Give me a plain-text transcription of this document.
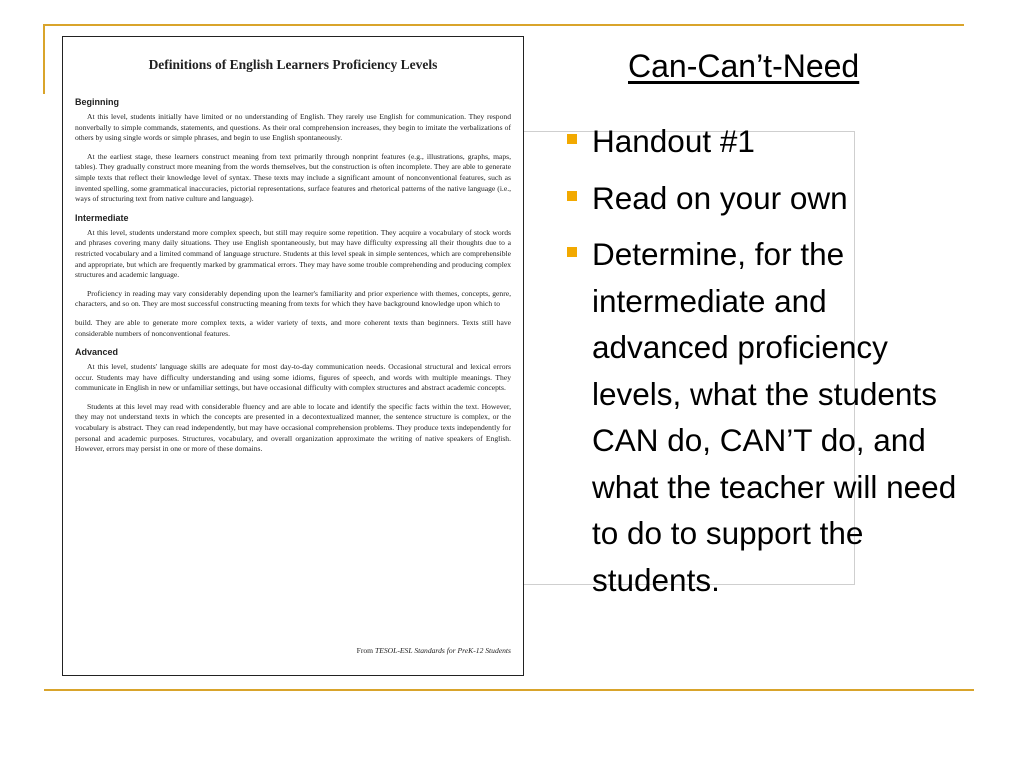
Definitions of English Learners Proficiency Levels
Beginning

At this level, students initially have limited or no understanding of English. They rarely use English for communication. They respond nonverbally to simple commands, statements, and questions. As their oral comprehension increases, they begin to imitate the verbalizations of others by using single words or simple phrases, and begin to use English spontaneously.

At the earliest stage, these learners construct meaning from text primarily through nonprint features (e.g., illustrations, graphs, maps, tables). They gradually construct more meaning from the words themselves, but the construction is often incomplete. They are able to generate simple texts that reflect their knowledge level of syntax. These texts may include a significant amount of nonconventional features, such as invented spelling, some grammatical inaccuracies, pictorial representations, surface features and rhetorical patterns of the native language (i.e., ways of structuring text from native culture and language).

Intermediate

At this level, students understand more complex speech, but still may require some repetition. They acquire a vocabulary of stock words and phrases covering many daily situations. They use English spontaneously, but may have difficulty expressing all their thoughts due to a restricted vocabulary and a limited command of language structure. Students at this level speak in simple sentences, which are comprehensible and appropriate, but which are frequently marked by grammatical errors. They may have some trouble comprehending and producing complex structures and academic language.

Proficiency in reading may vary considerably depending upon the learner's familiarity and prior experience with themes, concepts, genre, characters, and so on. They are most successful constructing meaning from texts for which they have background knowledge upon which to

build. They are able to generate more complex texts, a wider variety of texts, and more coherent texts than beginners. Texts still have considerable numbers of nonconventional features.

Advanced

At this level, students' language skills are adequate for most day-to-day communication needs. Occasional structural and lexical errors occur. Students may have difficulty understanding and using some idioms, figures of speech, and words with multiple meanings. They communicate in English in new or unfamiliar settings, but have occasional difficulty with complex structures and abstract academic concepts.

Students at this level may read with considerable fluency and are able to locate and identify the specific facts within the text. However, they may not understand texts in which the concepts are presented in a decontextualized manner, the sentence structure is complex, or the vocabulary is abstract. They can read independently, but may have occasional comprehension problems. They produce texts independently for personal and academic purposes. Structures, vocabulary, and overall organization approximate the writing of native speakers of English. However, errors may persist in one or more of these domains.

From TESOL-ESL Standards for PreK-12 Students
Can-Can’t-Need
Handout #1
Read on your own
Determine, for the intermediate and advanced proficiency levels, what the students CAN do, CAN’T do, and what the teacher will need to do to support the students.
